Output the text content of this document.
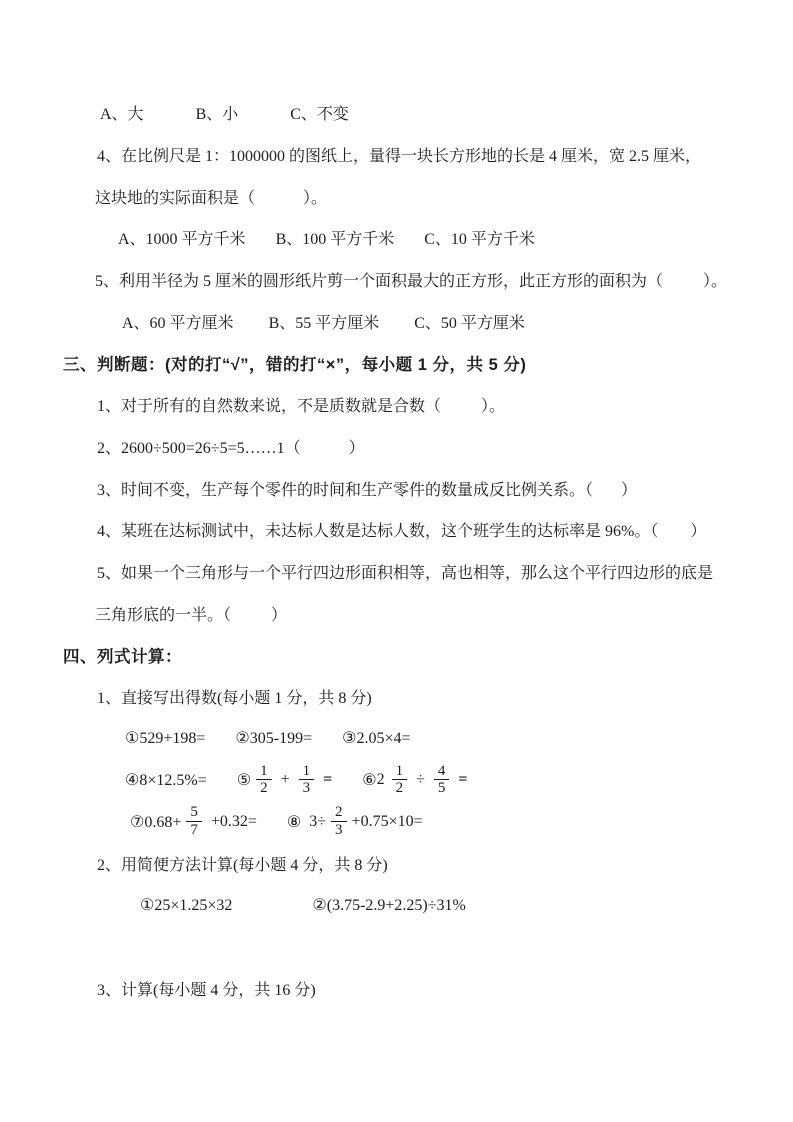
A、大	B、小	C、不变
4、在比例尺是 1：1000000 的图纸上，量得一块长方形地的长是 4 厘米，宽 2.5 厘米，
这块地的实际面积是（            ）。
A、1000 平方千米 B、100 平方千米 C、10 平方千米
5、利用半径为 5 厘米的圆形纸片剪一个面积最大的正方形，此正方形的面积为（          ）。
A、60 平方厘米 B、55 平方厘米 C、50 平方厘米
三、判断题：(对的打“√”，错的打“×”，每小题 1 分，共 5 分)
1、对于所有的自然数来说，不是质数就是合数（          ）。
2、2600÷500=26÷5=5……1（            ）
3、时间不变，生产每个零件的时间和生产零件的数量成反比例关系。（       ）
4、某班在达标测试中，未达标人数是达标人数，这个班学生的达标率是 96%。（        ）
5、如果一个三角形与一个平行四边形面积相等，高也相等，那么这个平行四边形的底是
三角形底的一半。（          ）
四、列式计算：
1、直接写出得数(每小题 1 分，共 8 分)
①529+198= ②305-199= ③2.05×4=
④8×12.5%= ⑤ $\frac{1}{2} + \frac{1}{3}$ = ⑥ $2 \frac{1}{2} \div \frac{4}{5}$ =
⑦0.68+ $\frac{5}{7} +0.32=$ ⑧ $3\div \frac{2}{3} +0.75\times 10=$
2、用简便方法计算(每小题 4 分，共 8 分)
①25×1.25×32	②(3.75-2.9+2.25)÷31%
3、计算(每小题 4 分，共 16 分)
